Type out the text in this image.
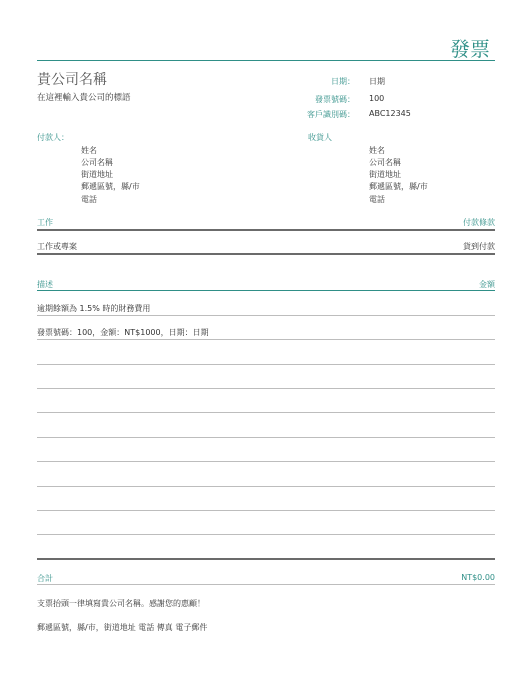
發票
貴公司名稱
在這裡輸入貴公司的標語
日期： 日期
發票號碼： 100
客戶識別碼： ABC12345
付款人：
姓名
公司名稱
街道地址
郵遞區號，縣/市
電話
收貨人
姓名
公司名稱
街道地址
郵遞區號，縣/市
電話
工作	付款條款
工作或專案	貨到付款
描述	金額
逾期餘額為 1.5% 時的財務費用
發票號碼：100，金額：NT$1000，日期：日期
合計	NT$0.00
支票抬頭一律填寫貴公司名稱。感謝您的惠顧！
郵遞區號，縣/市，街道地址 電話 傳真 電子郵件
